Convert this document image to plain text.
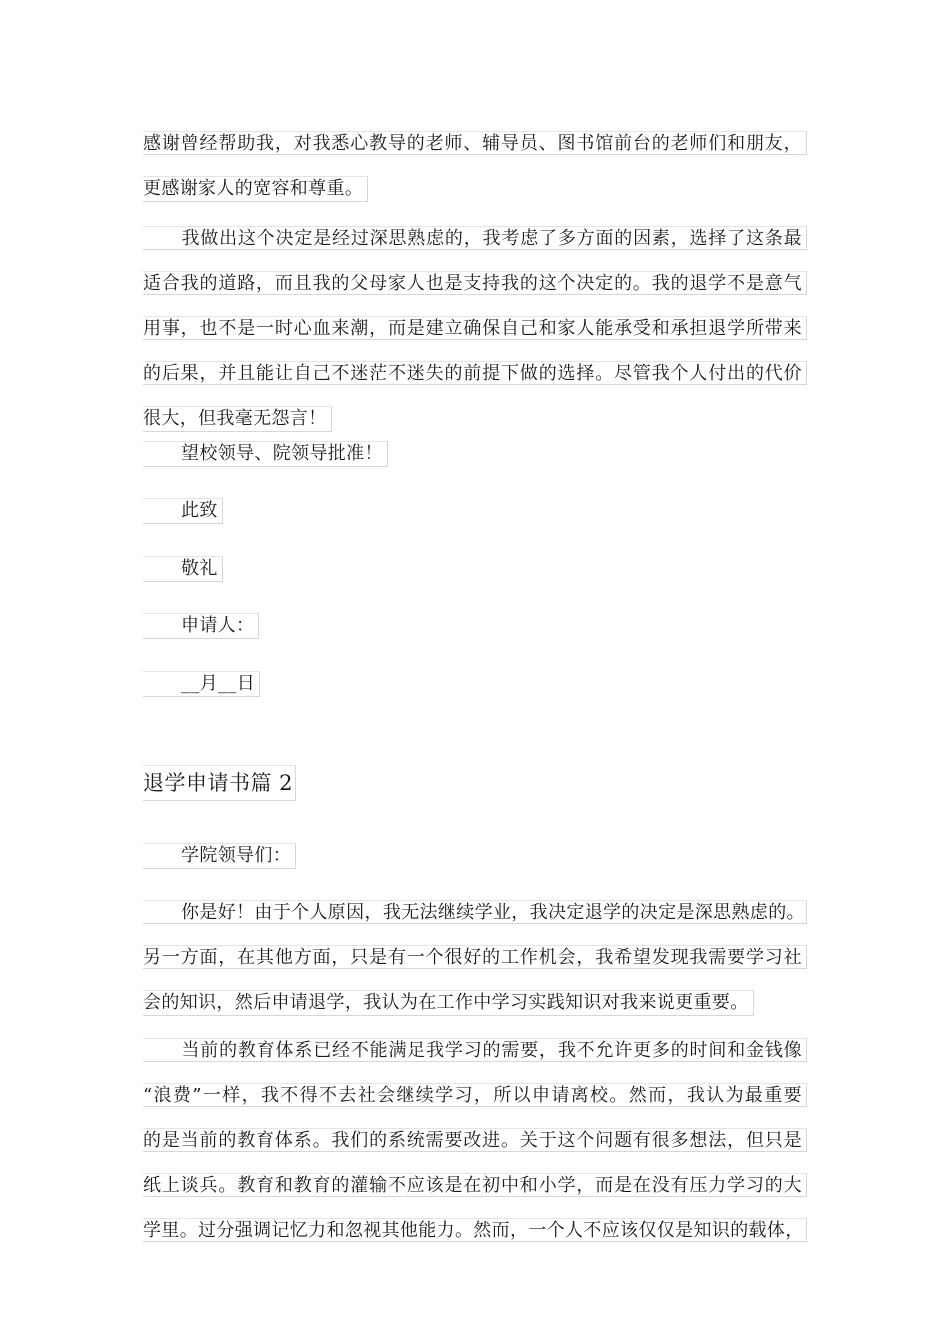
感谢曾经帮助我，对我悉心教导的老师、辅导员、图书馆前台的老师们和朋友，
更感谢家人的宽容和尊重。
我做出这个决定是经过深思熟虑的，我考虑了多方面的因素，选择了这条最
适合我的道路，而且我的父母家人也是支持我的这个决定的。我的退学不是意气
用事，也不是一时心血来潮，而是建立确保自己和家人能承受和承担退学所带来
的后果，并且能让自己不迷茫不迷失的前提下做的选择。尽管我个人付出的代价
很大，但我毫无怨言！
望校领导、院领导批准！
此致
敬礼
申请人：
__月__日
退学申请书篇 2
学院领导们：
你是好！由于个人原因，我无法继续学业，我决定退学的决定是深思熟虑的。
另一方面，在其他方面，只是有一个很好的工作机会，我希望发现我需要学习社
会的知识，然后申请退学，我认为在工作中学习实践知识对我来说更重要。
当前的教育体系已经不能满足我学习的需要，我不允许更多的时间和金钱像
“浪费”一样，我不得不去社会继续学习，所以申请离校。然而，我认为最重要
的是当前的教育体系。我们的系统需要改进。关于这个问题有很多想法，但只是
纸上谈兵。教育和教育的灌输不应该是在初中和小学，而是在没有压力学习的大
学里。过分强调记忆力和忽视其他能力。然而，一个人不应该仅仅是知识的载体，
